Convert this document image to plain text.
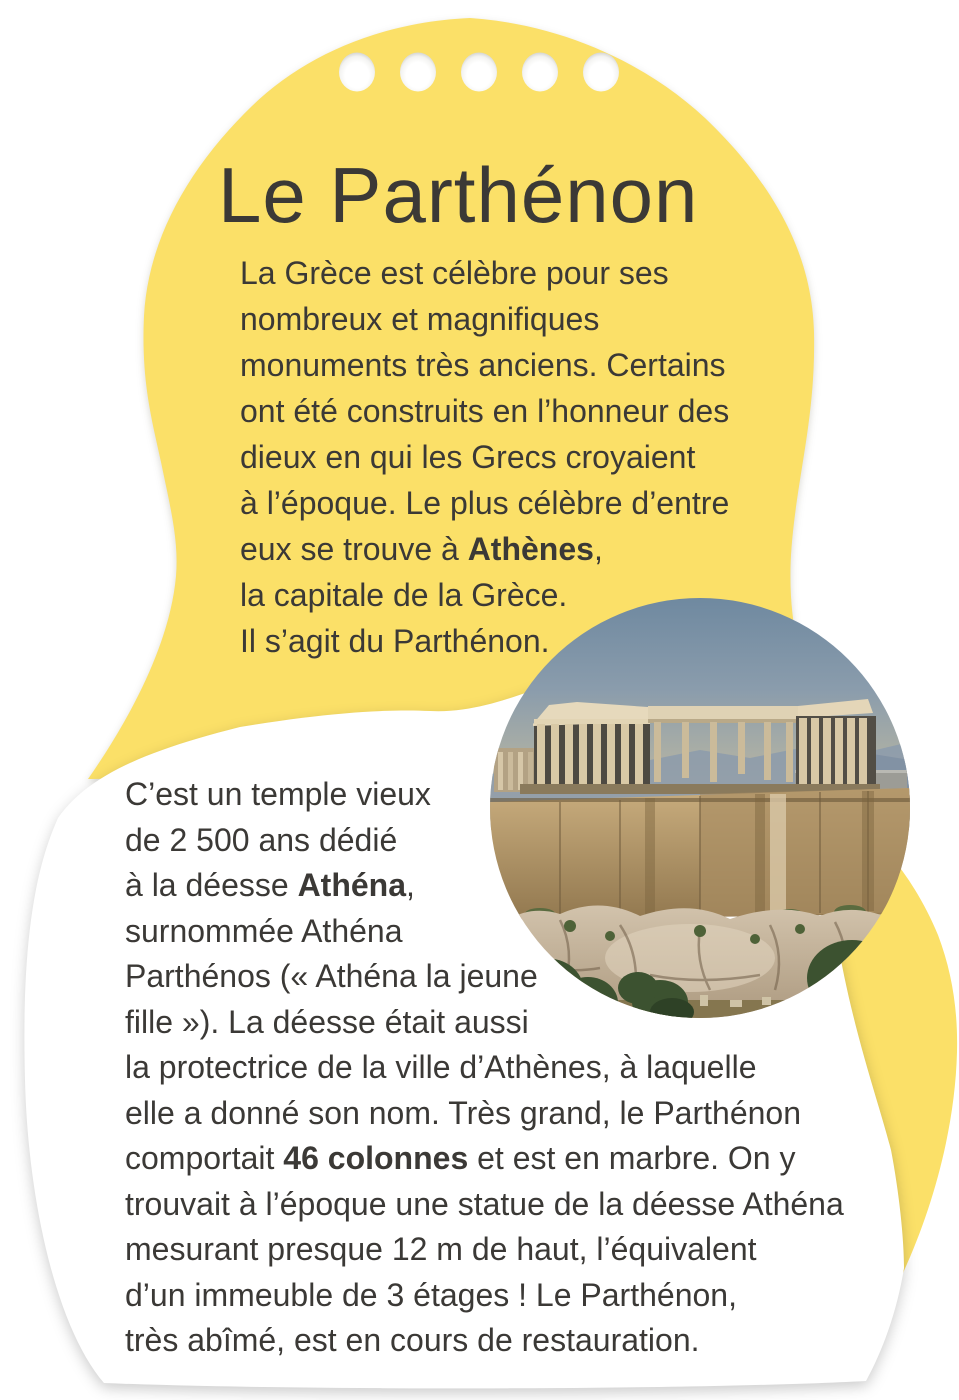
Le Parthénon
La Grèce est célèbre pour ses
nombreux et magnifiques
monuments très anciens. Certains
ont été construits en l’honneur des
dieux en qui les Grecs croyaient
à l’époque. Le plus célèbre d’entre
eux se trouve à Athènes,
la capitale de la Grèce.
Il s’agit du Parthénon.
C’est un temple vieux
de 2 500 ans dédié
à la déesse Athéna,
surnommée Athéna
Parthénos (« Athéna la jeune
fille »). La déesse était aussi
la protectrice de la ville d’Athènes, à laquelle
elle a donné son nom. Très grand, le Parthénon
comportait 46 colonnes et est en marbre. On y
trouvait à l’époque une statue de la déesse Athéna
mesurant presque 12 m de haut, l’équivalent
d’un immeuble de 3 étages ! Le Parthénon,
très abîmé, est en cours de restauration.
